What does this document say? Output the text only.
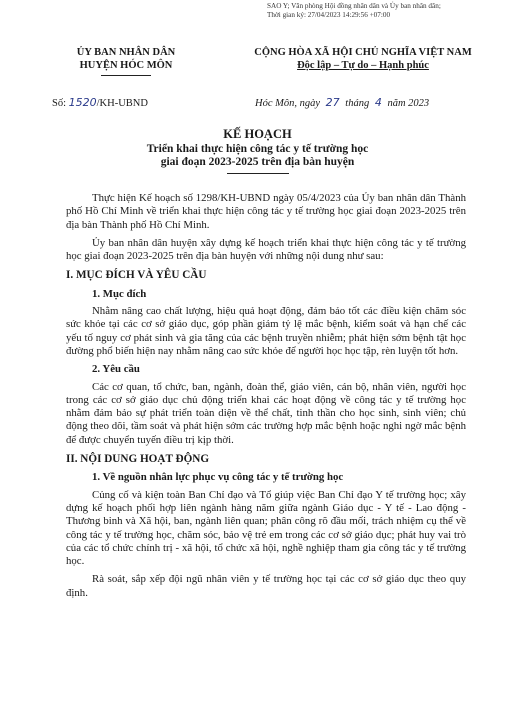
SAO Y; Văn phòng Hội đồng nhân dân và Ủy ban nhân dân;
Thời gian ký: 27/04/2023 14:29:56 +07:00
ỦY BAN NHÂN DÂN
HUYỆN HÓC MÔN
CỘNG HÒA XÃ HỘI CHỦ NGHĨA VIỆT NAM
Độc lập – Tự do – Hạnh phúc
Số: 1520/KH-UBND	Hóc Môn, ngày 27 tháng 4 năm 2023
KẾ HOẠCH
Triển khai thực hiện công tác y tế trường học
giai đoạn 2023-2025 trên địa bàn huyện

Thực hiện Kế hoạch số 1298/KH-UBND ngày 05/4/2023 của Ủy ban nhân dân Thành phố Hồ Chí Minh về triển khai thực hiện công tác y tế trường học giai đoạn 2023-2025 trên địa bàn Thành phố Hồ Chí Minh.

Ủy ban nhân dân huyện xây dựng kế hoạch triển khai thực hiện công tác y tế trường học giai đoạn 2023-2025 trên địa bàn huyện với những nội dung như sau:

I. MỤC ĐÍCH VÀ YÊU CẦU
1. Mục đích

Nhằm nâng cao chất lượng, hiệu quả hoạt động, đảm bảo tốt các điều kiện chăm sóc sức khỏe tại các cơ sở giáo dục, góp phần giảm tỷ lệ mắc bệnh, kiểm soát và hạn chế các yếu tố nguy cơ phát sinh và gia tăng của các bệnh truyền nhiễm; phát hiện sớm bệnh tật học đường phổ biến hiện nay nhằm nâng cao sức khỏe để người học học tập, rèn luyện tốt hơn.

2. Yêu cầu

Các cơ quan, tổ chức, ban, ngành, đoàn thể, giáo viên, cán bộ, nhân viên, người học trong các cơ sở giáo dục chủ động triển khai các hoạt động về công tác y tế trường học nhằm đảm bảo sự phát triển toàn diện về thể chất, tinh thần cho học sinh, sinh viên; chủ động theo dõi, tầm soát và phát hiện sớm các trường hợp mắc bệnh hoặc nghi ngờ mắc bệnh để được chuyển tuyến điều trị kịp thời.

II. NỘI DUNG HOẠT ĐỘNG
1. Về nguồn nhân lực phục vụ công tác y tế trường học

Củng cố và kiện toàn Ban Chỉ đạo và Tổ giúp việc Ban Chỉ đạo Y tế trường học; xây dựng kế hoạch phối hợp liên ngành hàng năm giữa ngành Giáo dục - Y tế - Lao động - Thương binh và Xã hội, ban, ngành liên quan; phân công rõ đầu mối, trách nhiệm cụ thể về công tác y tế trường học, chăm sóc, bảo vệ trẻ em trong các cơ sở giáo dục; phát huy vai trò của các tổ chức chính trị - xã hội, tổ chức xã hội, nghề nghiệp tham gia công tác y tế trường học.

Rà soát, sắp xếp đội ngũ nhân viên y tế trường học tại các cơ sở giáo dục theo quy định.
